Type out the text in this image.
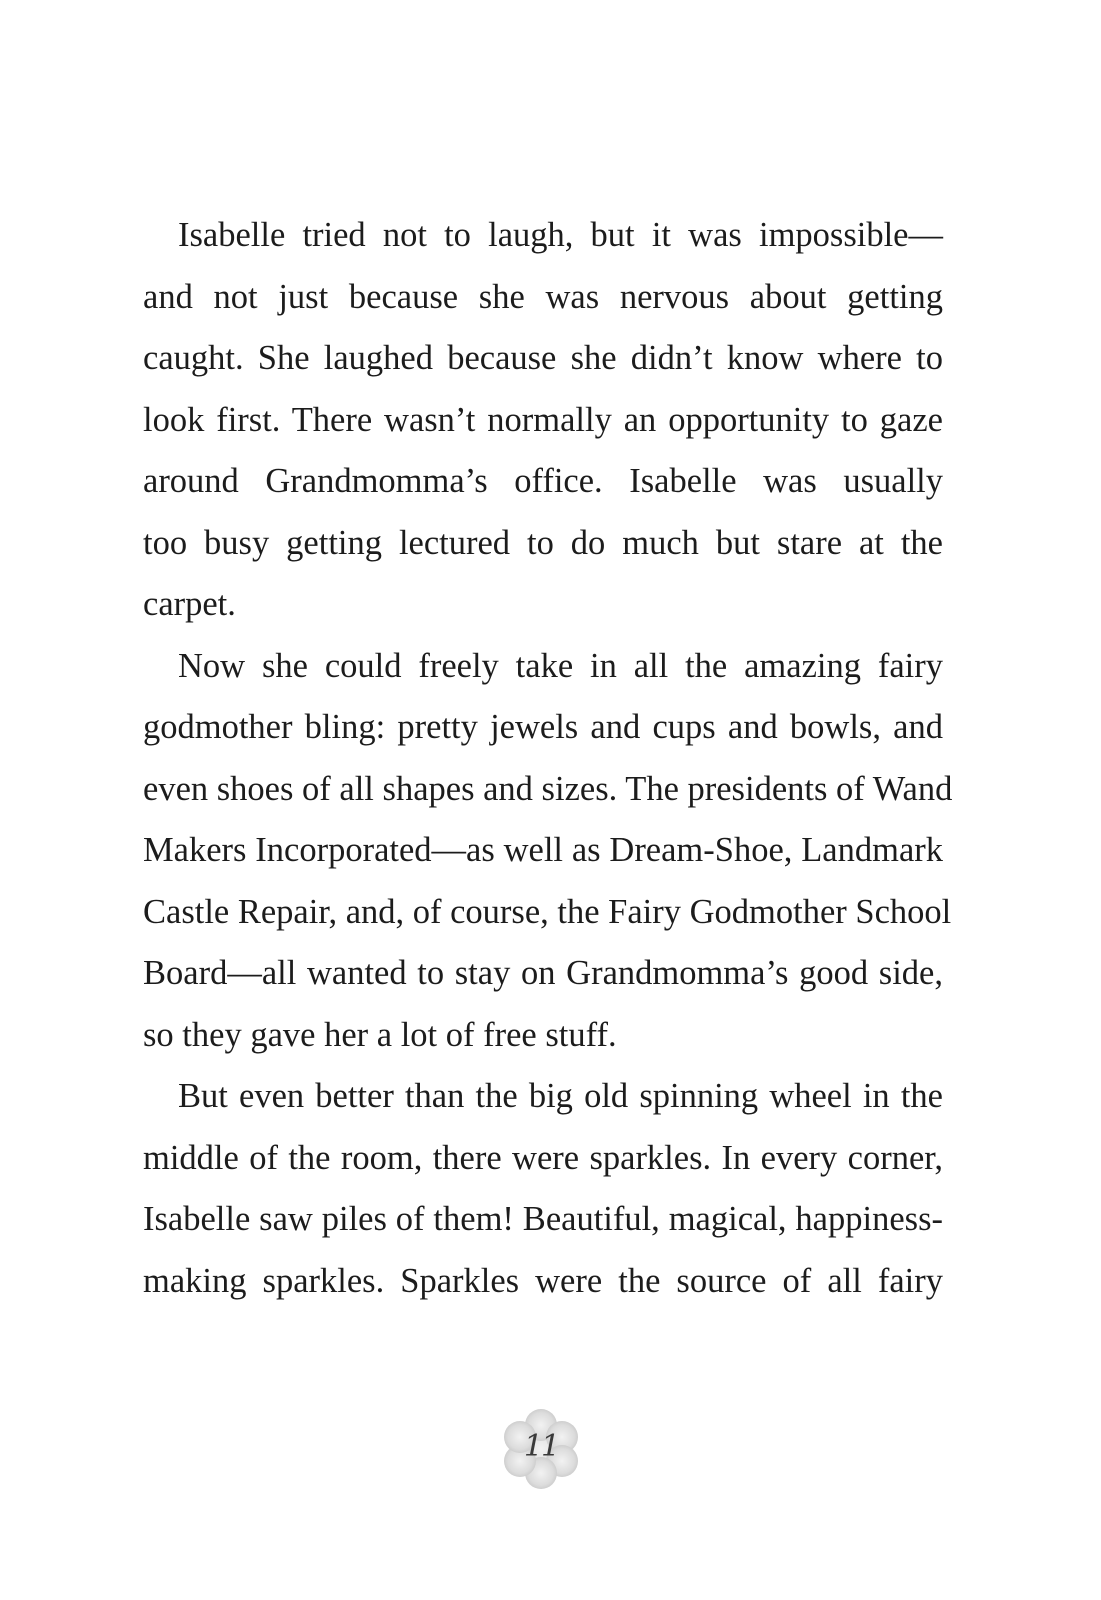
Isabelle tried not to laugh, but it was impossible—
and not just because she was nervous about getting
caught. She laughed because she didn’t know where to
look first. There wasn’t normally an opportunity to gaze
around Grandmomma’s office. Isabelle was usually
too busy getting lectured to do much but stare at the
carpet.

Now she could freely take in all the amazing fairy
godmother bling: pretty jewels and cups and bowls, and
even shoes of all shapes and sizes. The presidents of Wand
Makers Incorporated—as well as Dream-Shoe, Landmark
Castle Repair, and, of course, the Fairy Godmother School
Board—all wanted to stay on Grandmomma’s good side,
so they gave her a lot of free stuff.

But even better than the big old spinning wheel in the
middle of the room, there were sparkles. In every corner,
Isabelle saw piles of them! Beautiful, magical, happiness-
making sparkles. Sparkles were the source of all fairy

11
